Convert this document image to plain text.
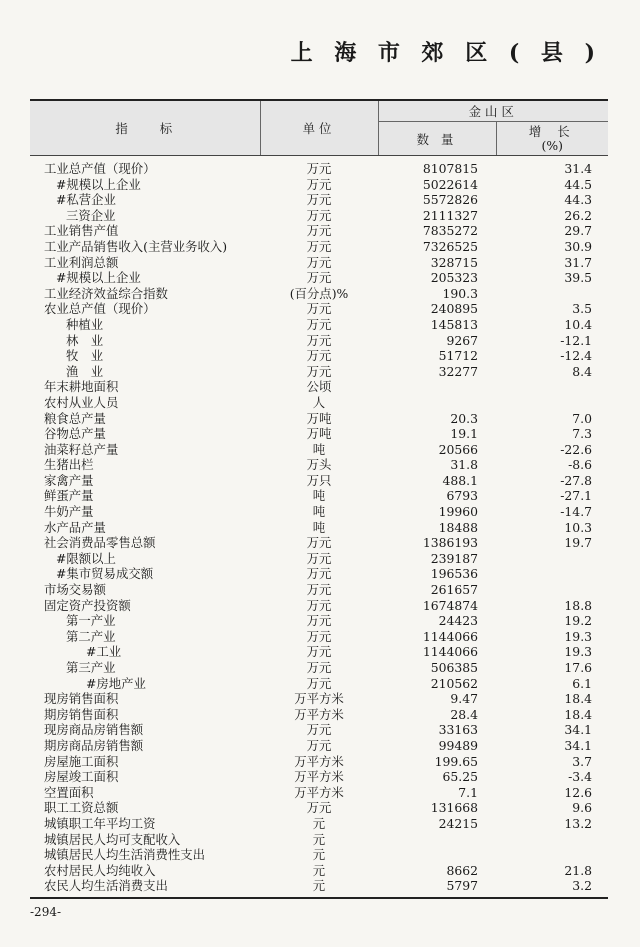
上 海 市 郊 区 ( 县 )
指 标	单位	金山区	
		数 量	增 长
(%)

工业总产值（现价）	万元	8107815	31.4
#规模以上企业	万元	5022614	44.5
#私营企业	万元	5572826	44.3
三资企业	万元	2111327	26.2
工业销售产值	万元	7835272	29.7
工业产品销售收入(主营业务收入)	万元	7326525	30.9
工业利润总额	万元	328715	31.7
#规模以上企业	万元	205323	39.5
工业经济效益综合指数	(百分点)%	190.3	
农业总产值（现价）	万元	240895	3.5
种植业	万元	145813	10.4
林　业	万元	9267	-12.1
牧　业	万元	51712	-12.4
渔　业	万元	32277	8.4
年末耕地面积	公顷		
农村从业人员	人		
粮食总产量	万吨	20.3	7.0
谷物总产量	万吨	19.1	7.3
油菜籽总产量	吨	20566	-22.6
生猪出栏	万头	31.8	-8.6
家禽产量	万只	488.1	-27.8
鲜蛋产量	吨	6793	-27.1
牛奶产量	吨	19960	-14.7
水产品产量	吨	18488	10.3
社会消费品零售总额	万元	1386193	19.7
#限额以上	万元	239187	
#集市贸易成交额	万元	196536	
市场交易额	万元	261657	
固定资产投资额	万元	1674874	18.8
第一产业	万元	24423	19.2
第二产业	万元	1144066	19.3
#工业	万元	1144066	19.3
第三产业	万元	506385	17.6
#房地产业	万元	210562	6.1
现房销售面积	万平方米	9.47	18.4
期房销售面积	万平方米	28.4	18.4
现房商品房销售额	万元	33163	34.1
期房商品房销售额	万元	99489	34.1
房屋施工面积	万平方米	199.65	3.7
房屋竣工面积	万平方米	65.25	-3.4
空置面积	万平方米	7.1	12.6
职工工资总额	万元	131668	9.6
城镇职工年平均工资	元	24215	13.2
城镇居民人均可支配收入	元		
城镇居民人均生活消费性支出	元		
农村居民人均纯收入	元	8662	21.8
农民人均生活消费支出	元	5797	3.2

-294-
